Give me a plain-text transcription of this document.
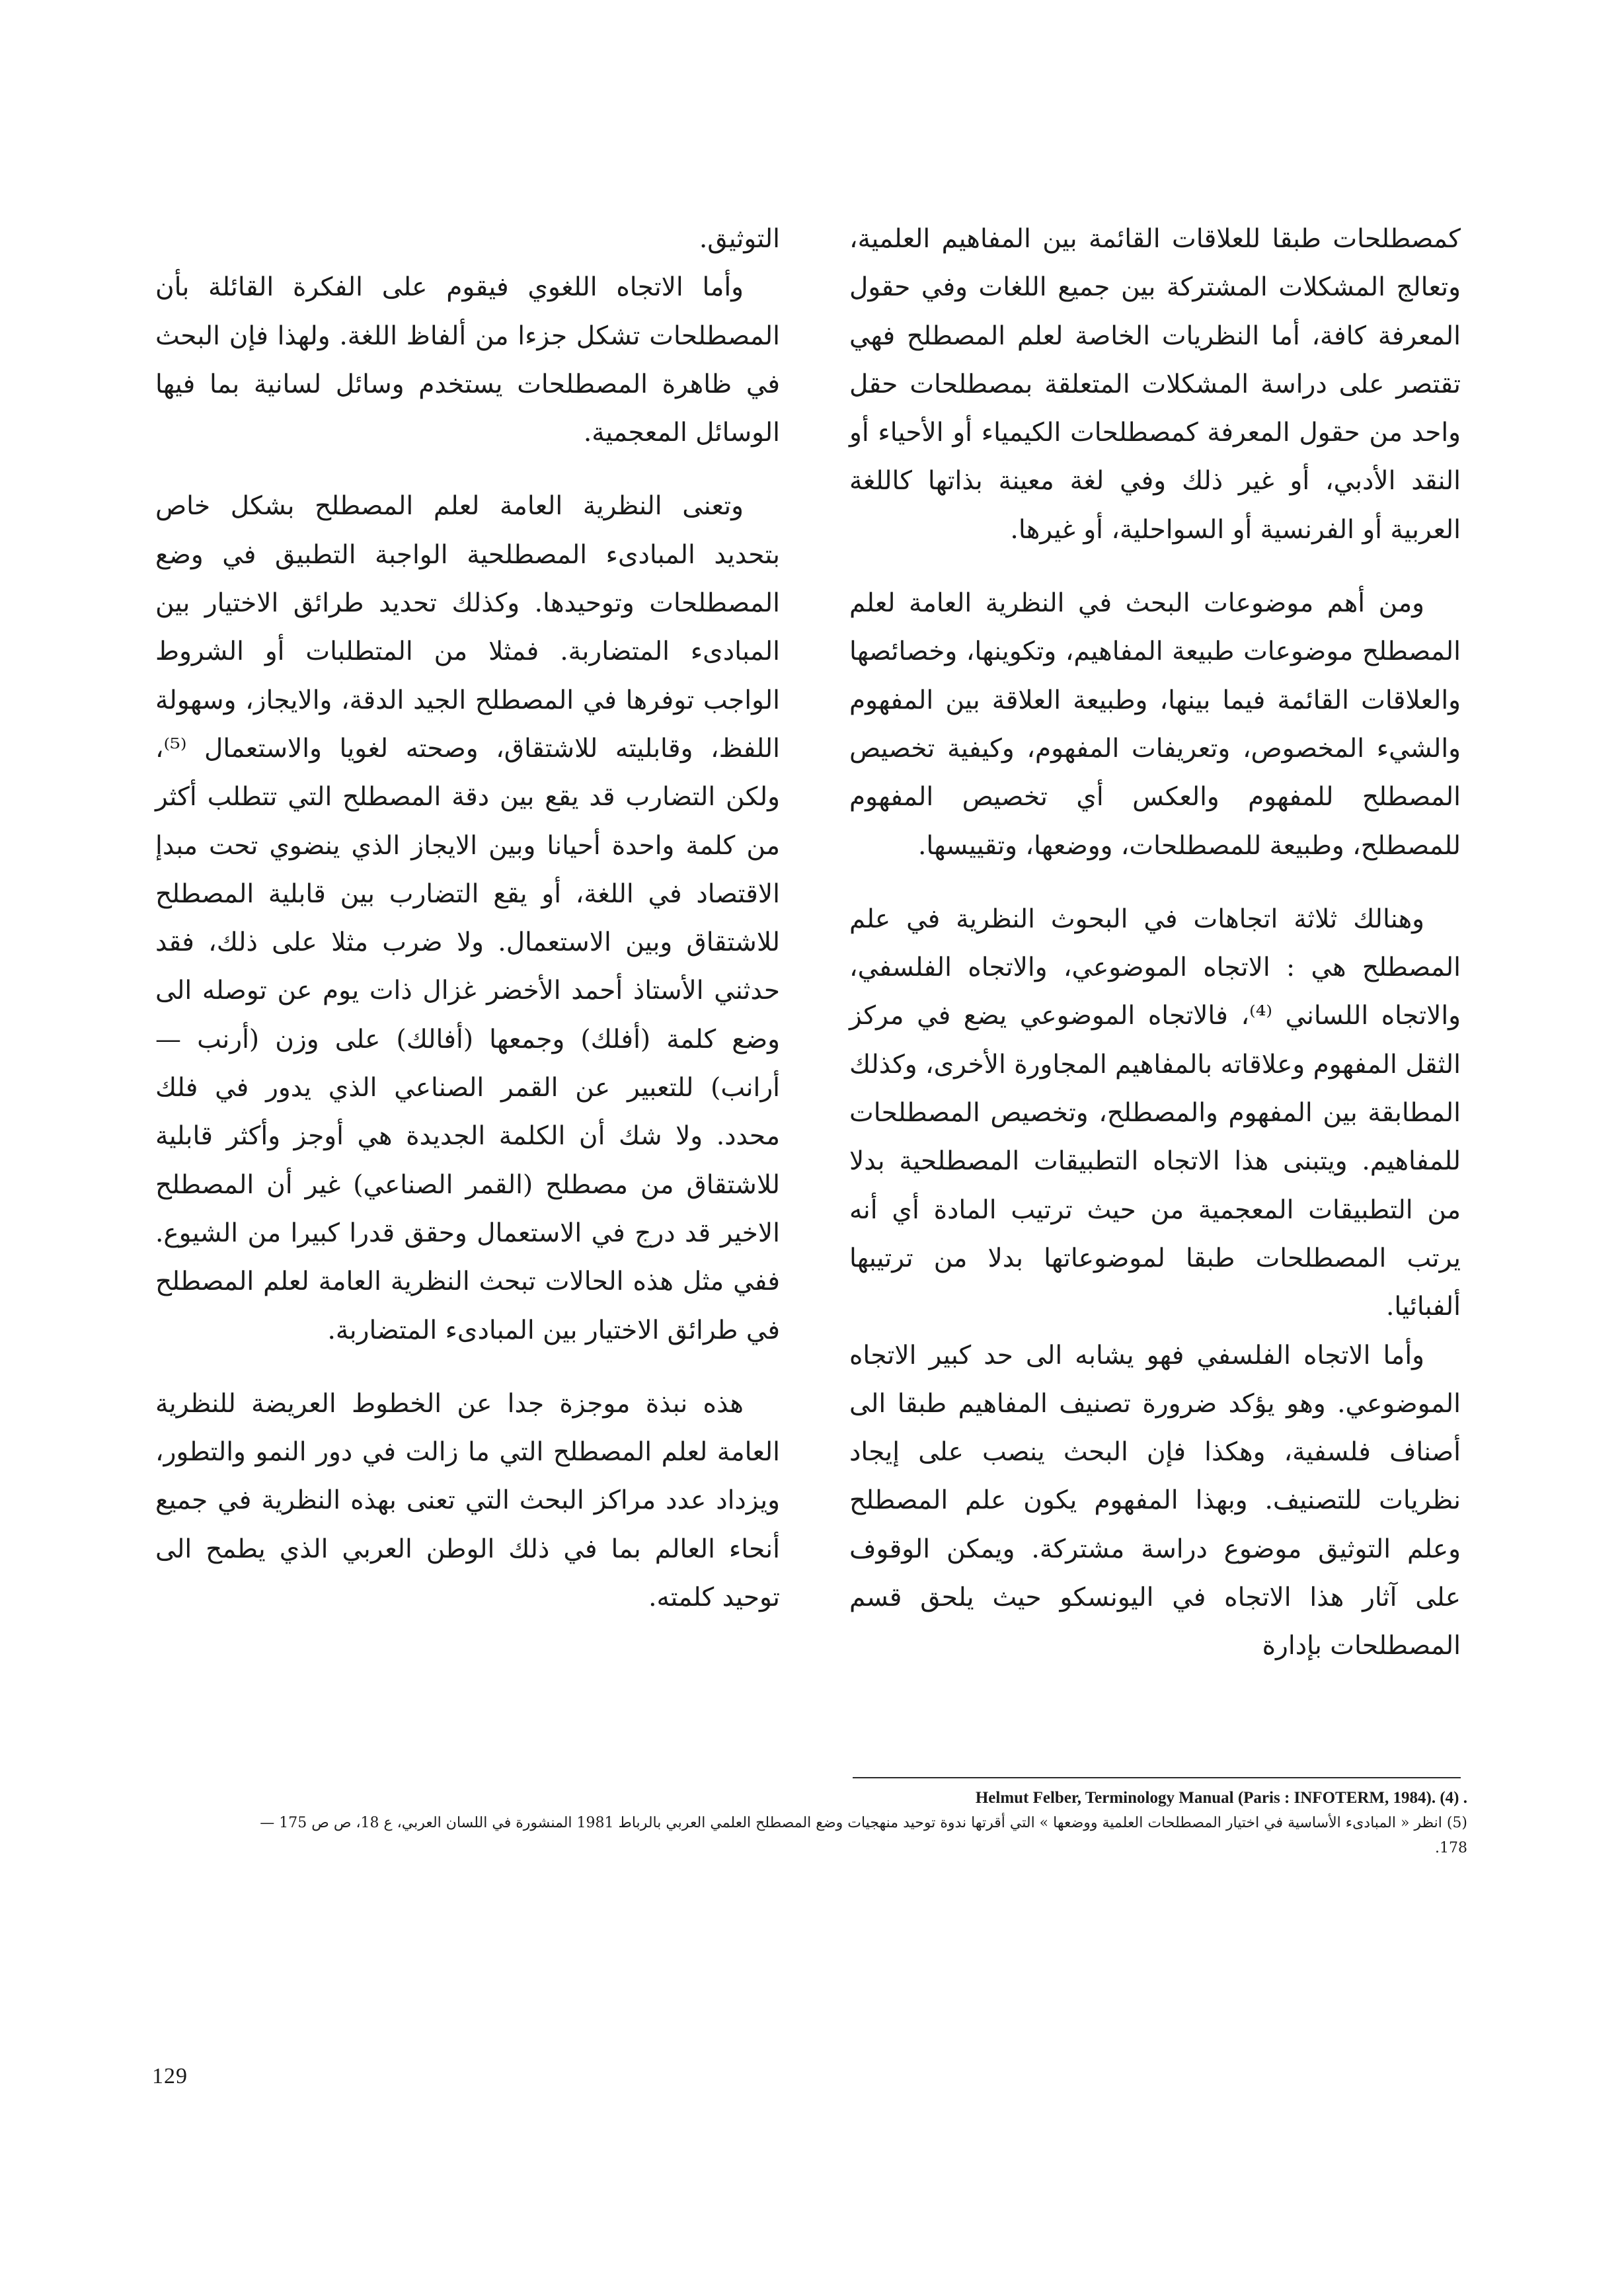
كمصطلحات طبقا للعلاقات القائمة بين المفاهيم العلمية، وتعالج المشكلات المشتركة بين جميع اللغات وفي حقول المعرفة كافة، أما النظريات الخاصة لعلم المصطلح فهي تقتصر على دراسة المشكلات المتعلقة بمصطلحات حقل واحد من حقول المعرفة كمصطلحات الكيمياء أو الأحياء أو النقد الأدبي، أو غير ذلك وفي لغة معينة بذاتها كاللغة العربية أو الفرنسية أو السواحلية، أو غيرها.

ومن أهم موضوعات البحث في النظرية العامة لعلم المصطلح موضوعات طبيعة المفاهيم، وتكوينها، وخصائصها والعلاقات القائمة فيما بينها، وطبيعة العلاقة بين المفهوم والشيء المخصوص، وتعريفات المفهوم، وكيفية تخصيص المصطلح للمفهوم والعكس أي تخصيص المفهوم للمصطلح، وطبيعة للمصطلحات، ووضعها، وتقييسها.

وهنالك ثلاثة اتجاهات في البحوث النظرية في علم المصطلح هي : الاتجاه الموضوعي، والاتجاه الفلسفي، والاتجاه اللساني ⁽⁴⁾، فالاتجاه الموضوعي يضع في مركز الثقل المفهوم وعلاقاته بالمفاهيم المجاورة الأخرى، وكذلك المطابقة بين المفهوم والمصطلح، وتخصيص المصطلحات للمفاهيم. ويتبنى هذا الاتجاه التطبيقات المصطلحية بدلا من التطبيقات المعجمية من حيث ترتيب المادة أي أنه يرتب المصطلحات طبقا لموضوعاتها بدلا من ترتيبها ألفبائيا.

وأما الاتجاه الفلسفي فهو يشابه الى حد كبير الاتجاه الموضوعي. وهو يؤكد ضرورة تصنيف المفاهيم طبقا الى أصناف فلسفية، وهكذا فإن البحث ينصب على إيجاد نظريات للتصنيف. وبهذا المفهوم يكون علم المصطلح وعلم التوثيق موضوع دراسة مشتركة. ويمكن الوقوف على آثار هذا الاتجاه في اليونسكو حيث يلحق قسم المصطلحات بإدارة

التوثيق.

وأما الاتجاه اللغوي فيقوم على الفكرة القائلة بأن المصطلحات تشكل جزءا من ألفاظ اللغة. ولهذا فإن البحث في ظاهرة المصطلحات يستخدم وسائل لسانية بما فيها الوسائل المعجمية.

وتعنى النظرية العامة لعلم المصطلح بشكل خاص بتحديد المبادىء المصطلحية الواجبة التطبيق في وضع المصطلحات وتوحيدها. وكذلك تحديد طرائق الاختيار بين المبادىء المتضاربة. فمثلا من المتطلبات أو الشروط الواجب توفرها في المصطلح الجيد الدقة، والايجاز، وسهولة اللفظ، وقابليته للاشتقاق، وصحته لغويا والاستعمال ⁽⁵⁾، ولكن التضارب قد يقع بين دقة المصطلح التي تتطلب أكثر من كلمة واحدة أحيانا وبين الايجاز الذي ينضوي تحت مبدإ الاقتصاد في اللغة، أو يقع التضارب بين قابلية المصطلح للاشتقاق وبين الاستعمال. ولا ضرب مثلا على ذلك، فقد حدثني الأستاذ أحمد الأخضر غزال ذات يوم عن توصله الى وضع كلمة (أفلك) وجمعها (أفالك) على وزن (أرنب — أرانب) للتعبير عن القمر الصناعي الذي يدور في فلك محدد. ولا شك أن الكلمة الجديدة هي أوجز وأكثر قابلية للاشتقاق من مصطلح (القمر الصناعي) غير أن المصطلح الاخير قد درج في الاستعمال وحقق قدرا كبيرا من الشيوع. ففي مثل هذه الحالات تبحث النظرية العامة لعلم المصطلح في طرائق الاختيار بين المبادىء المتضاربة.

هذه نبذة موجزة جدا عن الخطوط العريضة للنظرية العامة لعلم المصطلح التي ما زالت في دور النمو والتطور، ويزداد عدد مراكز البحث التي تعنى بهذه النظرية في جميع أنحاء العالم بما في ذلك الوطن العربي الذي يطمح الى توحيد كلمته.

Helmut Felber, Terminology Manual (Paris : INFOTERM, 1984). (4) .
(5) انظر « المبادىء الأساسية في اختيار المصطلحات العلمية ووضعها » التي أقرتها ندوة توحيد منهجيات وضع المصطلح العلمي العربي بالرباط 1981 المنشورة في اللسان العربي، ع 18، ص ص 175 — 178.
129
